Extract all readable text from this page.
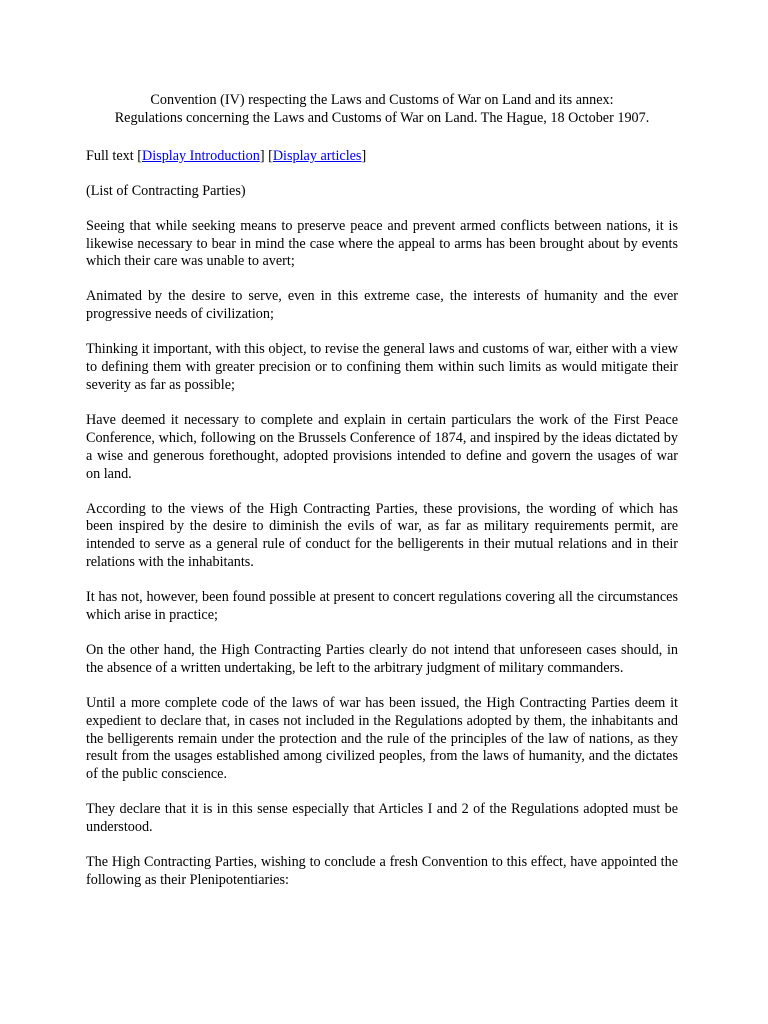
Convention (IV) respecting the Laws and Customs of War on Land and its annex:
Regulations concerning the Laws and Customs of War on Land. The Hague, 18 October 1907.
Full text [Display Introduction] [Display articles]
(List of Contracting Parties)

Seeing that while seeking means to preserve peace and prevent armed conflicts between nations, it is likewise necessary to bear in mind the case where the appeal to arms has been brought about by events which their care was unable to avert;

Animated by the desire to serve, even in this extreme case, the interests of humanity and the ever progressive needs of civilization;

Thinking it important, with this object, to revise the general laws and customs of war, either with a view to defining them with greater precision or to confining them within such limits as would mitigate their severity as far as possible;

Have deemed it necessary to complete and explain in certain particulars the work of the First Peace Conference, which, following on the Brussels Conference of 1874, and inspired by the ideas dictated by a wise and generous forethought, adopted provisions intended to define and govern the usages of war on land.

According to the views of the High Contracting Parties, these provisions, the wording of which has been inspired by the desire to diminish the evils of war, as far as military requirements permit, are intended to serve as a general rule of conduct for the belligerents in their mutual relations and in their relations with the inhabitants.

It has not, however, been found possible at present to concert regulations covering all the circumstances which arise in practice;

On the other hand, the High Contracting Parties clearly do not intend that unforeseen cases should, in the absence of a written undertaking, be left to the arbitrary judgment of military commanders.

Until a more complete code of the laws of war has been issued, the High Contracting Parties deem it expedient to declare that, in cases not included in the Regulations adopted by them, the inhabitants and the belligerents remain under the protection and the rule of the principles of the law of nations, as they result from the usages established among civilized peoples, from the laws of humanity, and the dictates of the public conscience.

They declare that it is in this sense especially that Articles I and 2 of the Regulations adopted must be understood.

The High Contracting Parties, wishing to conclude a fresh Convention to this effect, have appointed the following as their Plenipotentiaries:
